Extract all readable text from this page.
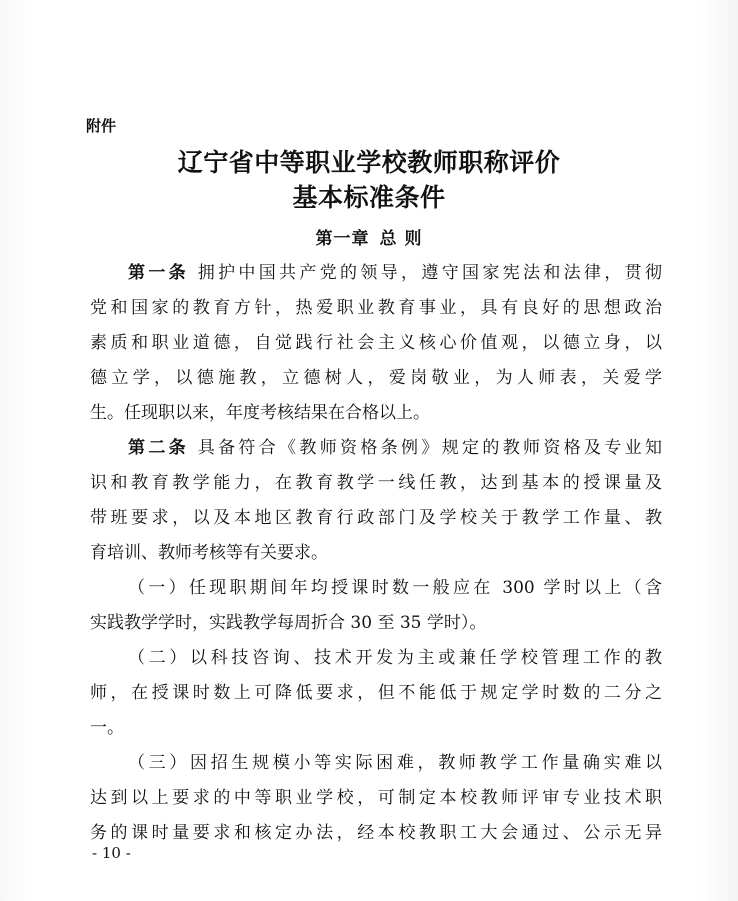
附件
辽宁省中等职业学校教师职称评价
基本标准条件
第一章 总 则
第一条 拥护中国共产党的领导，遵守国家宪法和法律，贯彻
党和国家的教育方针，热爱职业教育事业，具有良好的思想政治
素质和职业道德，自觉践行社会主义核心价值观，以德立身，以
德立学，以德施教，立德树人，爱岗敬业，为人师表，关爱学
生。任现职以来，年度考核结果在合格以上。
第二条 具备符合《教师资格条例》规定的教师资格及专业知
识和教育教学能力，在教育教学一线任教，达到基本的授课量及
带班要求，以及本地区教育行政部门及学校关于教学工作量、教
育培训、教师考核等有关要求。
（一）任现职期间年均授课时数一般应在 300 学时以上（含
实践教学学时，实践教学每周折合 30 至 35 学时）。
（二）以科技咨询、技术开发为主或兼任学校管理工作的教
师，在授课时数上可降低要求，但不能低于规定学时数的二分之
一。
（三）因招生规模小等实际困难，教师教学工作量确实难以
达到以上要求的中等职业学校，可制定本校教师评审专业技术职
务的课时量要求和核定办法，经本校教职工大会通过、公示无异
- 10 -
